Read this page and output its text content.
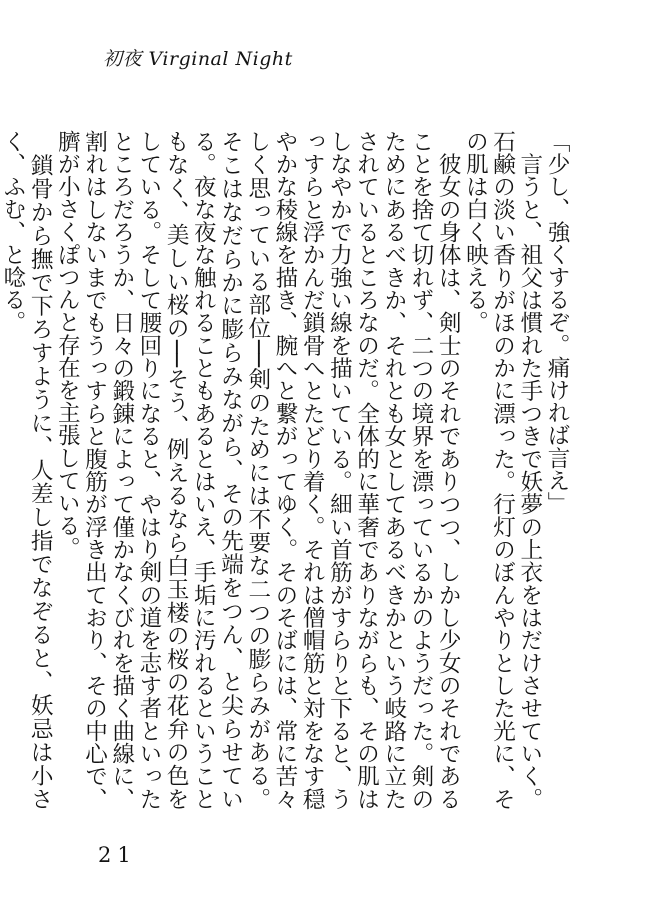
初夜 Virginal Night

「少し、強くするぞ。痛ければ言え」

　言うと、祖父は慣れた手つきで妖夢の上衣をはだけさせていく。石鹸の淡い香りがほのかに漂った。行灯のぼんやりとした光に、その肌は白く映える。

　彼女の身体は、剣士のそれでありつつ、しかし少女のそれであることを捨て切れず、二つの境界を漂っているかのようだった。剣のためにあるべきか、それとも女としてあるべきかという岐路に立たされているところなのだ。全体的に華奢でありながらも、その肌はしなやかで力強い線を描いている。細い首筋がすらりと下ると、うっすらと浮かんだ鎖骨へとたどり着く。それは僧帽筋と対をなす穏やかな稜線を描き、腕へと繋がってゆく。そのそばには、常に苦々しく思っている部位──剣のためには不要な二つの膨らみがある。そこはなだらかに膨らみながら、その先端をつん、と尖らせている。夜な夜な触れることもあるとはいえ、手垢に汚れるということもなく、美しい桜の──そう、例えるなら白玉楼の桜の花弁の色をしている。そして腰回りになると、やはり剣の道を志す者といったところだろうか、日々の鍛錬によって僅かなくびれを描く曲線に、割れはしないまでもうっすらと腹筋が浮き出ており、その中心で、臍が小さくぽつんと存在を主張している。

　鎖骨から撫で下ろすように、人差し指でなぞると、妖忌は小さく、ふむ、と唸る。

21
